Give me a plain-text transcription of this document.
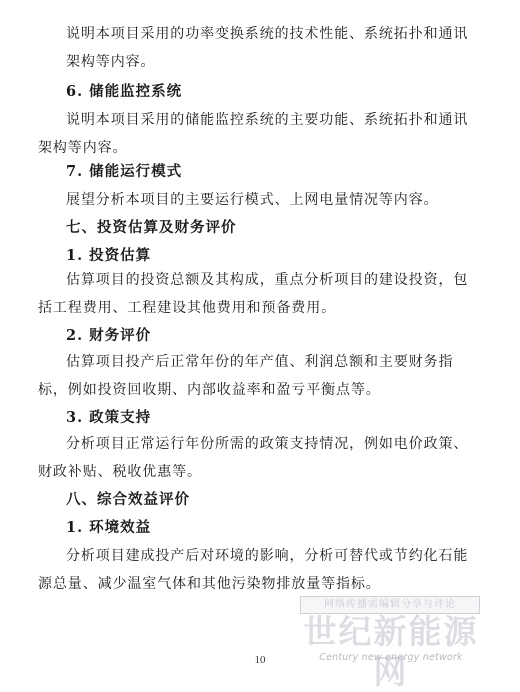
说明本项目采用的功率变换系统的技术性能、系统拓扑和通讯架构等内容。

6. 储能监控系统

说明本项目采用的储能监控系统的主要功能、系统拓扑和通讯架构等内容。

7. 储能运行模式

展望分析本项目的主要运行模式、上网电量情况等内容。

七、投资估算及财务评价

1. 投资估算

估算项目的投资总额及其构成，重点分析项目的建设投资，包括工程费用、工程建设其他费用和预备费用。

2. 财务评价

估算项目投产后正常年份的年产值、利润总额和主要财务指标，例如投资回收期、内部收益率和盈亏平衡点等。

3. 政策支持

分析项目正常运行年份所需的政策支持情况，例如电价政策、财政补贴、税收优惠等。

八、综合效益评价

1. 环境效益

分析项目建成投产后对环境的影响，分析可替代或节约化石能源总量、减少温室气体和其他污染物排放量等指标。

网络传播需编辑分享与评论
世纪新能源网
Century new energy network
10
